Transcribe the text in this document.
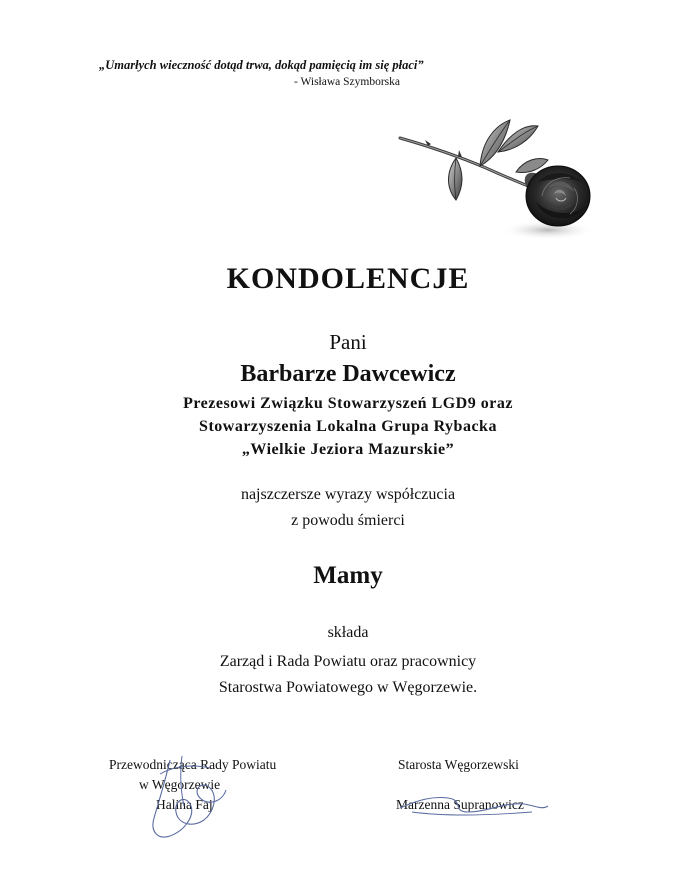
„Umarłych wieczność dotąd trwa, dokąd pamięcią im się płaci”
- Wisława Szymborska
KONDOLENCJE
Pani
Barbarze Dawcewicz
Prezesowi Związku Stowarzyszeń LGD9 oraz
Stowarzyszenia Lokalna Grupa Rybacka
„Wielkie Jeziora Mazurskie”
najszczersze wyrazy współczucia
z powodu śmierci
Mamy
składa
Zarząd i Rada Powiatu oraz pracownicy
Starostwa Powiatowego w Węgorzewie.
Przewodnicząca Rady Powiatu
w Węgorzewie
Halina Faj
Starosta Węgorzewski
Marzenna Supranowicz
